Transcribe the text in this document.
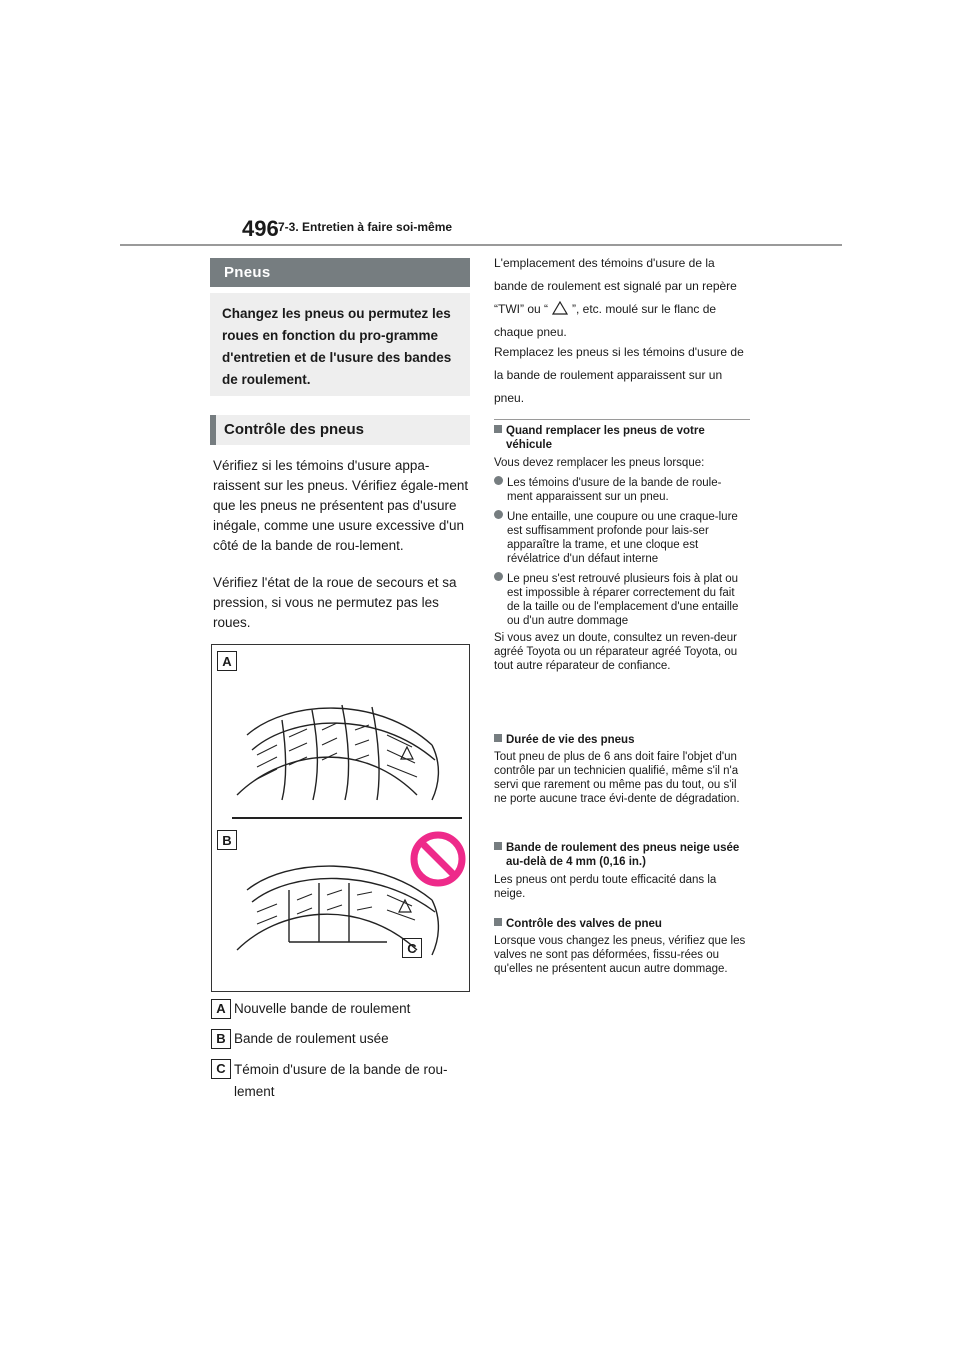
496 7-3. Entretien à faire soi-même
Pneus
Changez les pneus ou permutez les roues en fonction du pro-gramme d'entretien et de l'usure des bandes de roulement.
Contrôle des pneus
Vérifiez si les témoins d'usure appa-raissent sur les pneus. Vérifiez égale-ment que les pneus ne présentent pas d'usure inégale, comme une usure excessive d'un côté de la bande de rou-lement.
Vérifiez l'état de la roue de secours et sa pression, si vous ne permutez pas les roues.
A
B
C
A Nouvelle bande de roulement
B Bande de roulement usée
C Témoin d'usure de la bande de rou-lement
L'emplacement des témoins d'usure de la bande de roulement est signalé par un repère “TWI” ou “ ”, etc. moulé sur le flanc de chaque pneu.
Remplacez les pneus si les témoins d'usure de la bande de roulement apparaissent sur un pneu.
Quand remplacer les pneus de votre véhicule
Vous devez remplacer les pneus lorsque:
Les témoins d'usure de la bande de roule-ment apparaissent sur un pneu.
Une entaille, une coupure ou une craque-lure est suffisamment profonde pour lais-ser apparaître la trame, et une cloque est révélatrice d'un défaut interne
Le pneu s'est retrouvé plusieurs fois à plat ou est impossible à réparer correctement du fait de la taille ou de l'emplacement d'une entaille ou d'un autre dommage
Si vous avez un doute, consultez un reven-deur agréé Toyota ou un réparateur agréé Toyota, ou tout autre réparateur de confiance.
Durée de vie des pneus
Tout pneu de plus de 6 ans doit faire l'objet d'un contrôle par un technicien qualifié, même s'il n'a servi que rarement ou même pas du tout, ou s'il ne porte aucune trace évi-dente de dégradation.
Bande de roulement des pneus neige usée au-delà de 4 mm (0,16 in.)
Les pneus ont perdu toute efficacité dans la neige.
Contrôle des valves de pneu
Lorsque vous changez les pneus, vérifiez que les valves ne sont pas déformées, fissu-rées ou qu'elles ne présentent aucun autre dommage.
